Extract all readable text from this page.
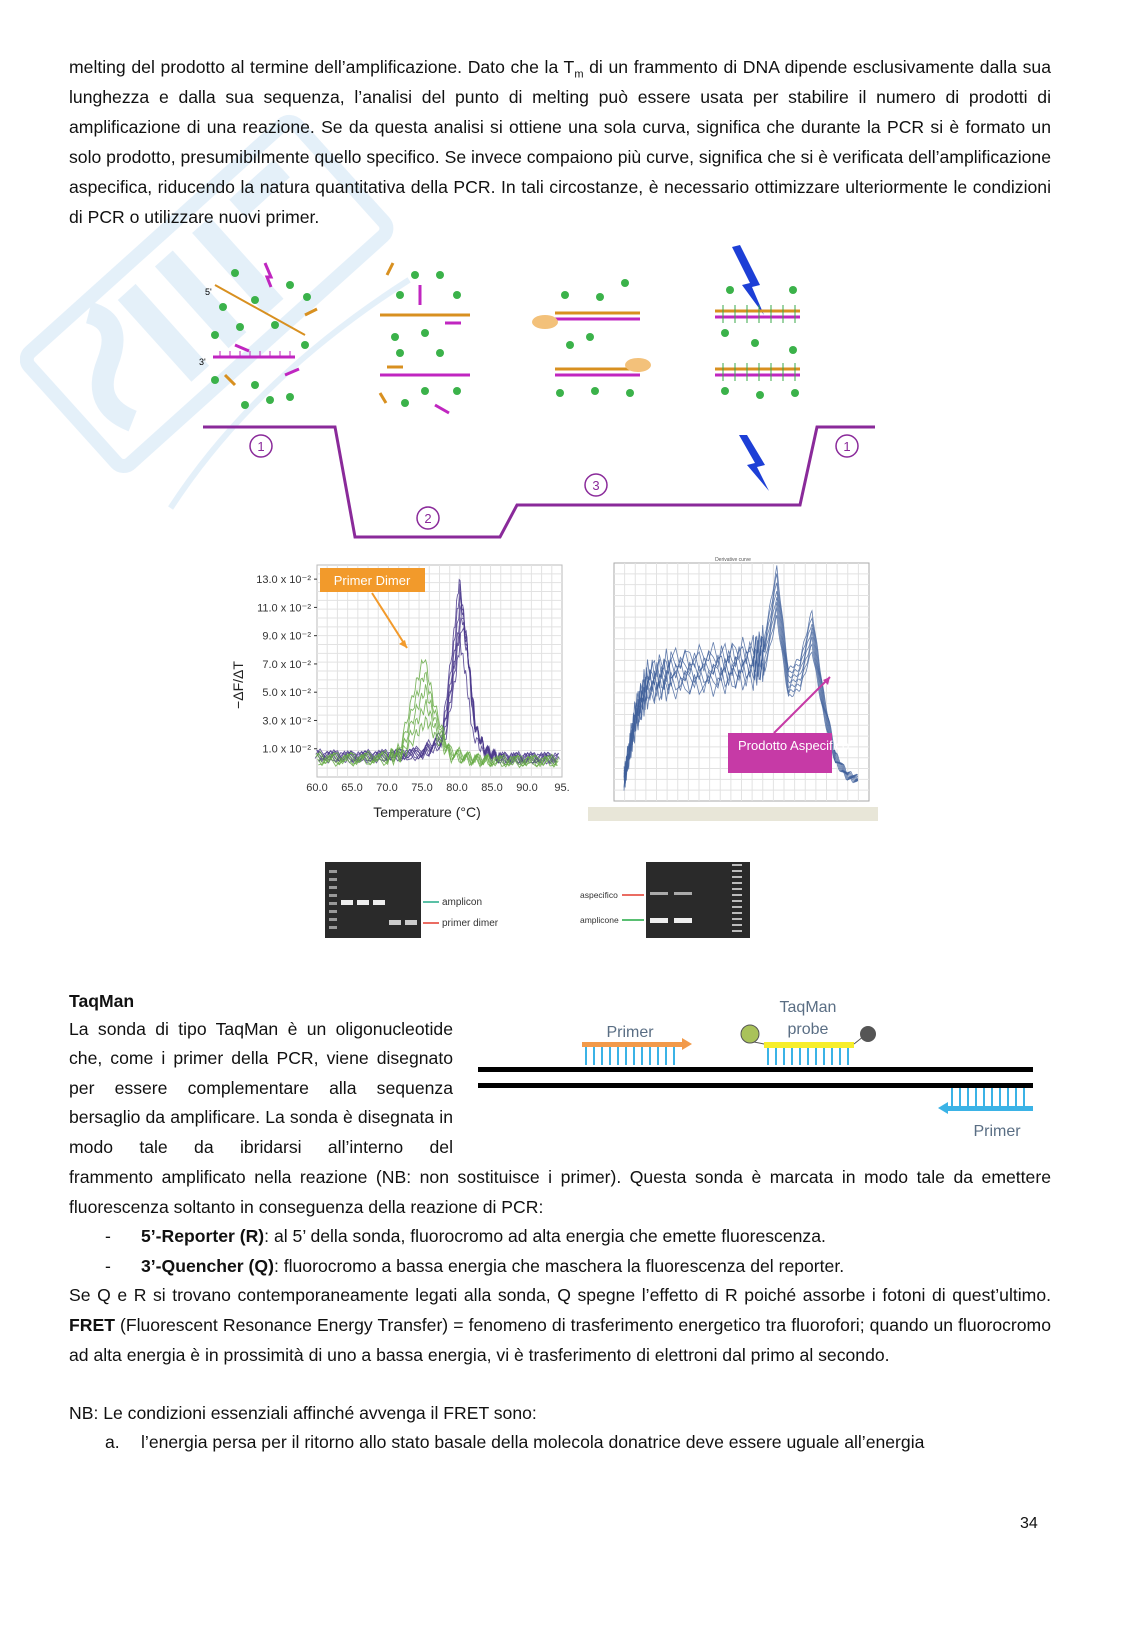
melting del prodotto al termine dell’amplificazione. Dato che la $T_m$ di un frammento di DNA dipende esclusivamente dalla sua lunghezza e dalla sua sequenza, l’analisi del punto di melting può essere usata per stabilire il numero di prodotti di amplificazione di una reazione. Se da questa analisi si ottiene una sola curva, significa che durante la PCR si è formato un solo prodotto, presumibilmente quello specifico. Se invece compaiono più curve, significa che si è verificata dell’amplificazione aspecifica, riducendo la natura quantitativa della PCR. In tali circostanze, è necessario ottimizzare ulteriormente le condizioni di PCR o utilizzare nuovi primer.

1
2
3
1
5'
3'
13.0 x 10⁻²
11.0 x 10⁻²
9.0 x 10⁻²
7.0 x 10⁻²
5.0 x 10⁻²
3.0 x 10⁻²
1.0 x 10⁻²
60.0 65.0 70.0 75.0 80.0 85.0 90.0 95.
−ΔF/ΔT
Temperature (°C)
Primer Dimer
Derivative curve
Prodotto Aspecifico
amplicon
primer dimer
aspecifico
amplicone
TaqMan

La sonda di tipo TaqMan è un oligonucleotide che, come i primer della PCR, viene disegnato per essere complementare alla sequenza bersaglio da amplificare. La sonda è disegnata in modo tale da ibridarsi all’interno del

Primer
TaqMan
probe
Primer

frammento amplificato nella reazione (NB: non sostituisce i primer). Questa sonda è marcata in modo tale da emettere fluorescenza soltanto in conseguenza della reazione di PCR:

- 5’-Reporter (R): al 5’ della sonda, fluorocromo ad alta energia che emette fluorescenza.
- 3’-Quencher (Q): fluorocromo a bassa energia che maschera la fluorescenza del reporter.

Se Q e R si trovano contemporaneamente legati alla sonda, Q spegne l’effetto di R poiché assorbe i fotoni di quest’ultimo. FRET (Fluorescent Resonance Energy Transfer) = fenomeno di trasferimento energetico tra fluorofori; quando un fluorocromo ad alta energia è in prossimità di uno a bassa energia, vi è trasferimento di elettroni dal primo al secondo.

NB: Le condizioni essenziali affinché avvenga il FRET sono:
a. l’energia persa per il ritorno allo stato basale della molecola donatrice deve essere uguale all’energia
34
